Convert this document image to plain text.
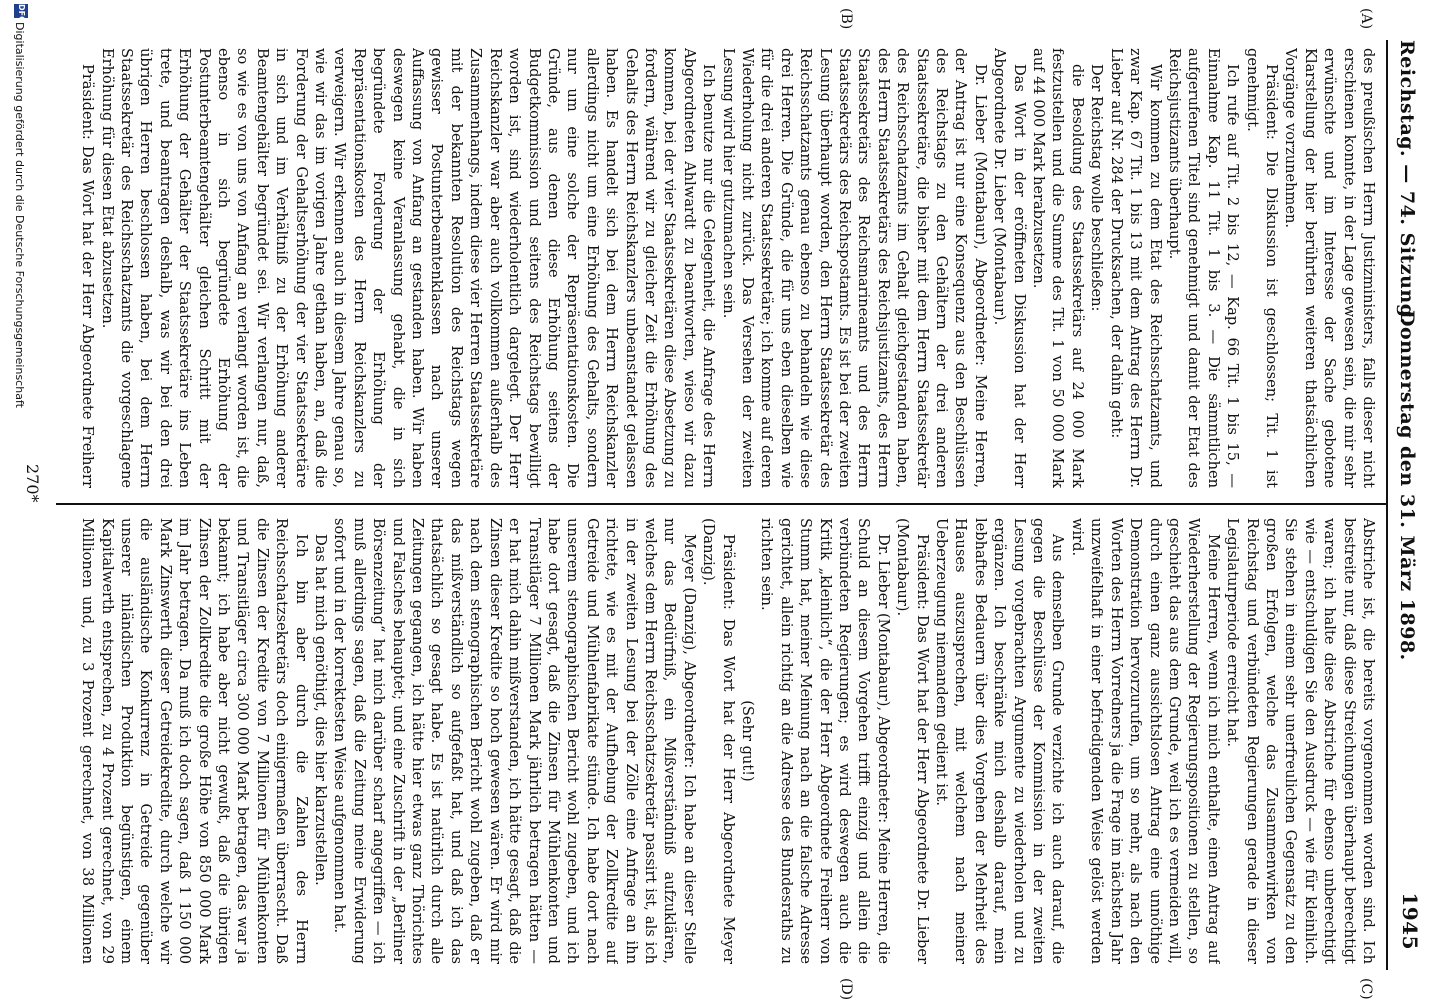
Reichstag. — 74. Sitzung.
Donnerstag den 31. März 1898.
1945
(A)
(B)
(C)
(D)

des preußischen Herrn Justizministers, falls dieser nicht erschienen konnte, in der Lage gewesen sein, die mir sehr erwünschte und im Interesse der Sache gebotene Klarstellung der hier berührten weiteren thatsächlichen Vorgänge vorzunehmen.

Präsident: Die Diskussion ist geschlossen; Tit. 1 ist genehmigt.

Ich rufe auf Tit. 2 bis 12, — Kap. 66 Tit. 1 bis 15, — Einnahme Kap. 11 Tit. 1 bis 3. — Die sämmtlichen aufgerufenen Titel sind genehmigt und damit der Etat des Reichsjustizamts überhaupt.

Wir kommen zu dem Etat des Reichsschatzamts, und zwar Kap. 67 Tit. 1 bis 13 mit dem Antrag des Herrn Dr. Lieber auf Nr. 284 der Drucksachen, der dahin geht:

Der Reichstag wolle beschließen:

die Besoldung des Staatssekretärs auf 24 000 Mark festzustellen und die Summe des Tit. 1 von 50 000 Mark auf 44 000 Mark herabzusetzen.

Das Wort in der eröffneten Diskussion hat der Herr Abgeordnete Dr. Lieber (Montabaur).

Dr. Lieber (Montabaur), Abgeordneter: Meine Herren, der Antrag ist nur eine Konsequenz aus den Beschlüssen des Reichstags zu den Gehältern der drei anderen Staatssekretäre, die bisher mit dem Herrn Staatssekretär des Reichsschatzamts im Gehalt gleichgestanden haben, des Herrn Staatssekretärs des Reichsjustizamts, des Herrn Staatssekretärs des Reichsmarineamts und des Herrn Staatssekretärs des Reichspostamts. Es ist bei der zweiten Lesung überhaupt worden, den Herrn Staatssekretär des Reichsschatzamts genau ebenso zu behandeln wie diese drei Herren. Die Gründe, die für uns eben dieselben wie für die drei anderen Staatssekretäre; ich komme auf deren Wiederholung nicht zurück. Das Versehen der zweiten Lesung wird hier gutzumachen sein.

Ich benutze nur die Gelegenheit, die Anfrage des Herrn Abgeordneten Ahlwardt zu beantworten, wieso wir dazu kommen, bei der vier Staatssekretären diese Absetzung zu fordern, während wir zu gleicher Zeit die Erhöhung des Gehalts des Herrn Reichskanzlers unbeanstandet gelassen haben. Es handelt sich bei dem Herrn Reichskanzler allerdings nicht um eine Erhöhung des Gehalts, sondern nur um eine solche der Repräsentationskosten. Die Gründe, aus denen diese Erhöhung seitens der Budgetkommission und seitens des Reichstags bewilligt worden ist, sind wiederholentlich dargelegt. Der Herr Reichskanzler war aber auch vollkommen außerhalb des Zusammenhangs, indem diese vier Herren Staatssekretäre mit der bekannten Resolution des Reichstags wegen gewisser Postunterbeamtenklassen nach unserer Auffassung von Anfang an gestanden haben. Wir haben deswegen keine Veranlassung gehabt, die in sich begründete Forderung der Erhöhung der Repräsentationskosten des Herrn Reichskanzlers zu verweigern. Wir erkennen auch in diesem Jahre genau so, wie wir das im vorigen Jahre gethan haben, an, daß die Forderung der Gehaltserhöhung der vier Staatssekretäre in sich und im Verhältniß zu der Erhöhung anderer Beamtengehälter begründet sei. Wir verlangen nur, daß, so wie es von uns von Anfang an verlangt worden ist, die ebenso in sich begründete Erhöhung der Postunterbeamtengehälter gleichen Schritt mit der Erhöhung der Gehälter der Staatssekretäre ins Leben trete, und beantragen deshalb, was wir bei den drei übrigen Herren beschlossen haben, bei dem Herrn Staatssekretär des Reichsschatzamts die vorgeschlagene Erhöhung für diesen Etat abzusetzen.

Präsident: Das Wort hat der Herr Abgeordnete Freiherr

Abstriche ist, die bereits vorgenommen worden sind. Ich bestreite nur, daß diese Streichungen überhaupt berechtigt waren; ich halte diese Abstriche für ebenso unberechtigt wie — entschuldigen Sie den Ausdruck — wie für kleinlich. Sie stehen in einem sehr unerfreulichen Gegensatz zu den großen Erfolgen, welche das Zusammenwirken von Reichstag und verbündeten Regierungen gerade in dieser Legislaturperiode erreicht hat.

Meine Herren, wenn ich mich enthalte, einen Antrag auf Wiederherstellung der Regierungspositionen zu stellen, so geschieht das aus dem Grunde, weil ich es vermeiden will, durch einen ganz aussichtslosen Antrag eine unnöthige Demonstration hervorzurufen, um so mehr, als nach den Worten des Herrn Vorredners ja die Frage im nächsten Jahr unzweifelhaft in einer befriedigenden Weise gelöst werden wird.

Aus demselben Grunde verzichte ich auch darauf, die gegen die Beschlüsse der Kommission in der zweiten Lesung vorgebrachten Argumente zu wiederholen und zu ergänzen. Ich beschränke mich deshalb darauf, mein lebhaftes Bedauern über dies Vorgehen der Mehrheit des Hauses auszusprechen, mit welchem nach meiner Ueberzeugung niemandem gedient ist.

Präsident: Das Wort hat der Herr Abgeordnete Dr. Lieber (Montabaur).

Dr. Lieber (Montabaur), Abgeordneter: Meine Herren, die Schuld an diesem Vorgehen trifft einzig und allein die verbündeten Regierungen; es wird deswegen auch die Kritik „kleinlich“, die der Herr Abgeordnete Freiherr von Stumm hat, meiner Meinung nach an die falsche Adresse gerichtet, allein richtig an die Adresse des Bundesraths zu richten sein.

(Sehr gut!)

Präsident: Das Wort hat der Herr Abgeordnete Meyer (Danzig).

Meyer (Danzig), Abgeordneter: Ich habe an dieser Stelle nur das Bedürfniß, ein Mißverständniß aufzuklären, welches dem Herrn Reichsschatzsekretär passirt ist, als ich in der zweiten Lesung bei der Zölle eine Anfrage an ihn richtete, wie es mit der Aufhebung der Zollkredite auf Getreide und Mühlenfabrikate stünde. Ich habe dort nach unserem stenographischen Bericht wohl zugeben, und ich habe dort gesagt, daß die Zinsen für Mühlenkonten und Transitläger 7 Millionen Mark jährlich betragen hätten — er hat mich dahin mißverstanden, ich hätte gesagt, daß die Zinsen dieser Kredite so hoch gewesen wären. Er wird mir nach dem stenographischen Bericht wohl zugeben, daß er das mißverständlich so aufgefaßt hat, und daß ich das thatsächlich so gesagt habe. Es ist natürlich durch alle Zeitungen gegangen, ich hätte hier etwas ganz Thörichtes und Falsches behauptet; und eine Zuschrift in der „Berliner Börsenzeitung“ hat mich darüber scharf angegriffen — ich muß allerdings sagen, daß die Zeitung meine Erwiderung sofort und in der korrektesten Weise aufgenommen hat.

Das hat mich genöthigt, dies hier klarzustellen.

Ich bin aber durch die Zahlen des Herrn Reichsschatzsekretärs doch einigermaßen überrascht. Daß die Zinsen der Kredite von 7 Millionen für Mühlenkonten und Transitläger circa 300 000 Mark betragen, das war ja bekannt; ich habe aber nicht gewußt, daß die übrigen Zinsen der Zollkredite die große Höhe von 850 000 Mark im Jahr betragen. Da muß ich doch sagen, daß 1 150 000 Mark Zinswerth dieser Getreidekredite, durch welche wir die ausländische Konkurrenz in Getreide gegenüber unserer inländischen Produktion begünstigen, einem Kapitalwerth entsprechen, zu 4 Prozent gerechnet, von 29 Millionen und, zu 3 Prozent gerechnet, von 38 Millionen

270*
DFG
Digitalisierung gefördert durch die Deutsche Forschungsgemeinschaft
